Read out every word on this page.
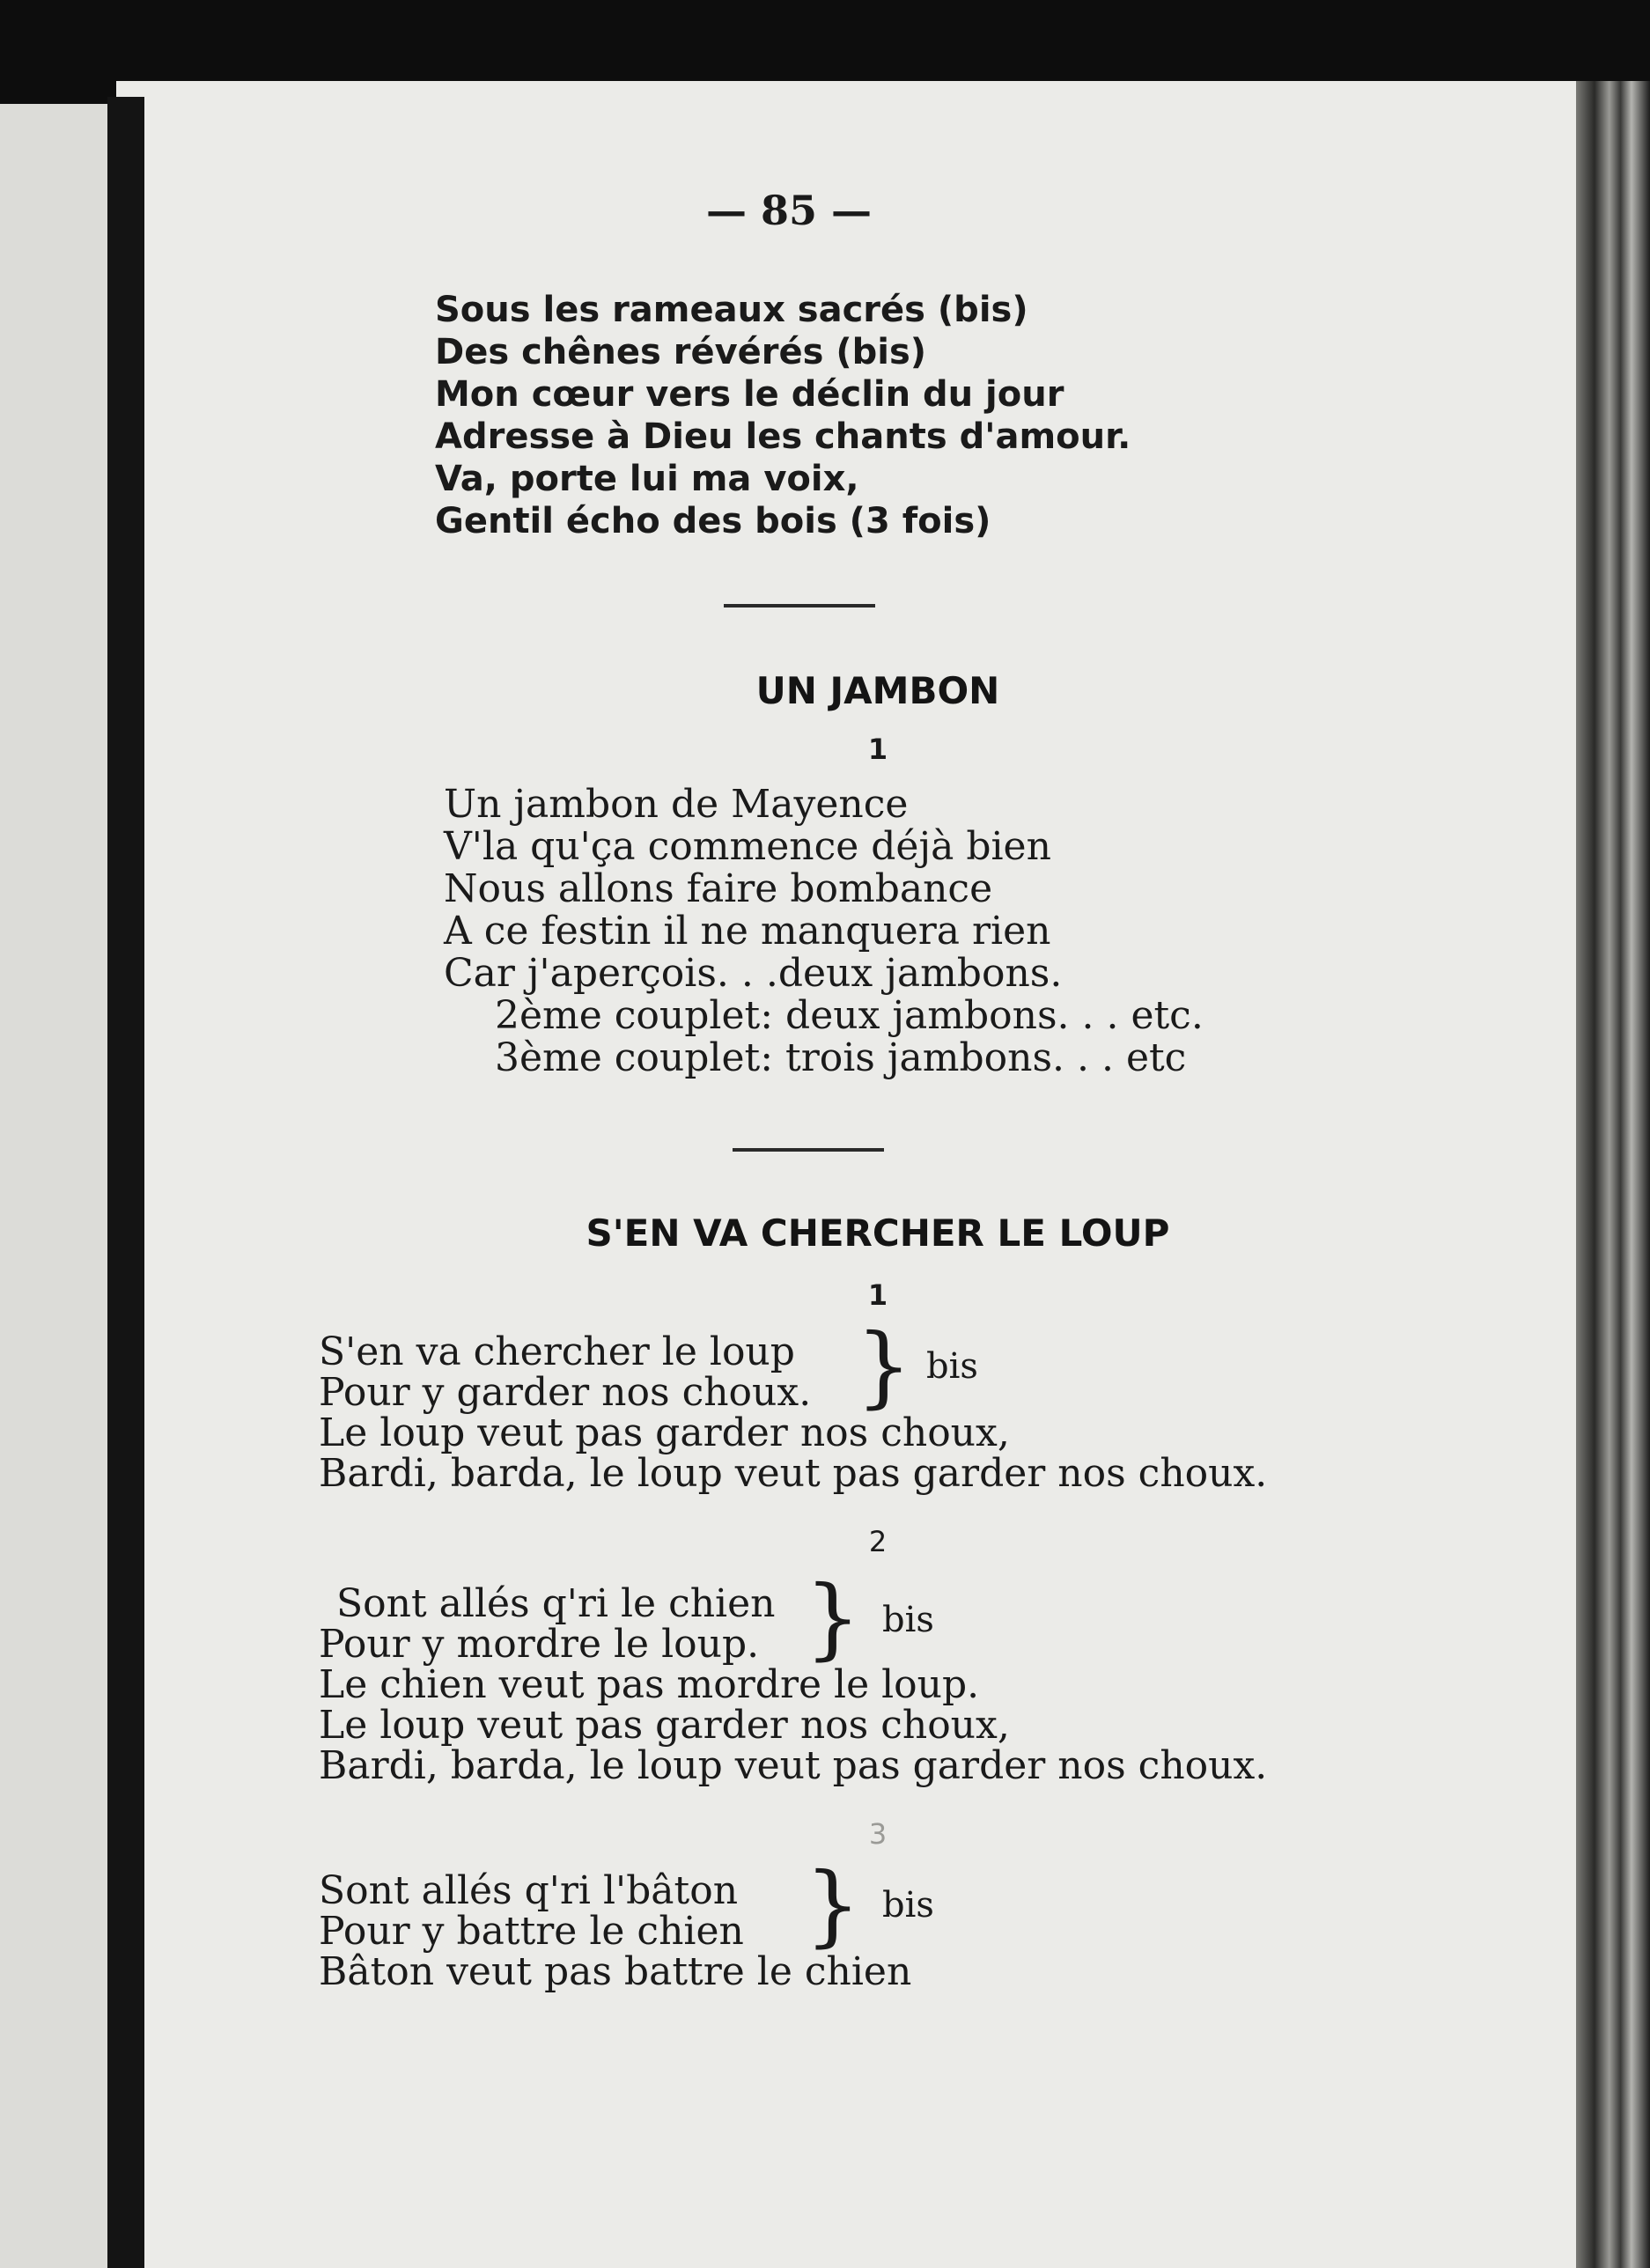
— 85 —
Sous les rameaux sacrés (bis)
Des chênes révérés (bis)
Mon cœur vers le déclin du jour
Adresse à Dieu les chants d'amour.
Va, porte lui ma voix,
Gentil écho des bois (3 fois)
UN JAMBON
1
Un jambon de Mayence
V'la qu'ça commence déjà bien
Nous allons faire bombance
A ce festin il ne manquera rien
Car j'aperçois. . .deux jambons.
2ème couplet: deux jambons. . . etc.
3ème couplet: trois jambons. . . etc
S'EN VA CHERCHER LE LOUP
1
S'en va chercher le loup
Pour y garder nos choux. } bis
Le loup veut pas garder nos choux,
Bardi, barda, le loup veut pas garder nos choux.
2
Sont allés q'ri le chien
Pour y mordre le loup. } bis
Le chien veut pas mordre le loup.
Le loup veut pas garder nos choux,
Bardi, barda, le loup veut pas garder nos choux.
3
Sont allés q'ri l'bâton
Pour y battre le chien } bis
Bâton veut pas battre le chien
